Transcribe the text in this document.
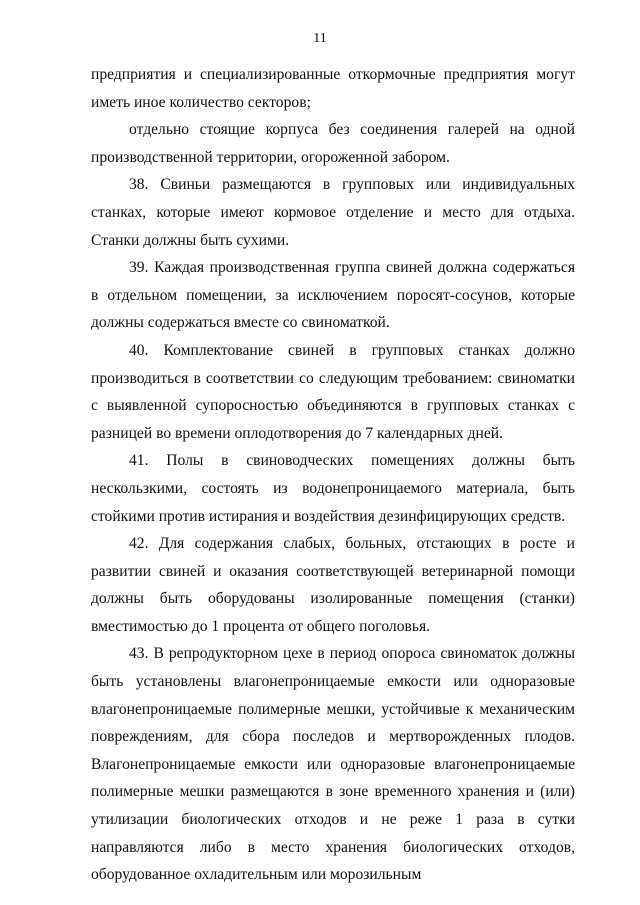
11

предприятия и специализированные откормочные предприятия могут иметь иное количество секторов;

отдельно стоящие корпуса без соединения галерей на одной производственной территории, огороженной забором.

38. Свиньи размещаются в групповых или индивидуальных станках, которые имеют кормовое отделение и место для отдыха. Станки должны быть сухими.

39. Каждая производственная группа свиней должна содержаться в отдельном помещении, за исключением поросят-сосунов, которые должны содержаться вместе со свиноматкой.

40. Комплектование свиней в групповых станках должно производиться в соответствии со следующим требованием: свиноматки с выявленной супоросностью объединяются в групповых станках с разницей во времени оплодотворения до 7 календарных дней.

41. Полы в свиноводческих помещениях должны быть нескользкими, состоять из водонепроницаемого материала, быть стойкими против истирания и воздействия дезинфицирующих средств.

42. Для содержания слабых, больных, отстающих в росте и развитии свиней и оказания соответствующей ветеринарной помощи должны быть оборудованы изолированные помещения (станки) вместимостью до 1 процента от общего поголовья.

43. В репродукторном цехе в период опороса свиноматок должны быть установлены влагонепроницаемые емкости или одноразовые влагонепроницаемые полимерные мешки, устойчивые к механическим повреждениям, для сбора последов и мертворожденных плодов. Влагонепроницаемые емкости или одноразовые влагонепроницаемые полимерные мешки размещаются в зоне временного хранения и (или) утилизации биологических отходов и не реже 1 раза в сутки направляются либо в место хранения биологических отходов, оборудованное охладительным или морозильным
